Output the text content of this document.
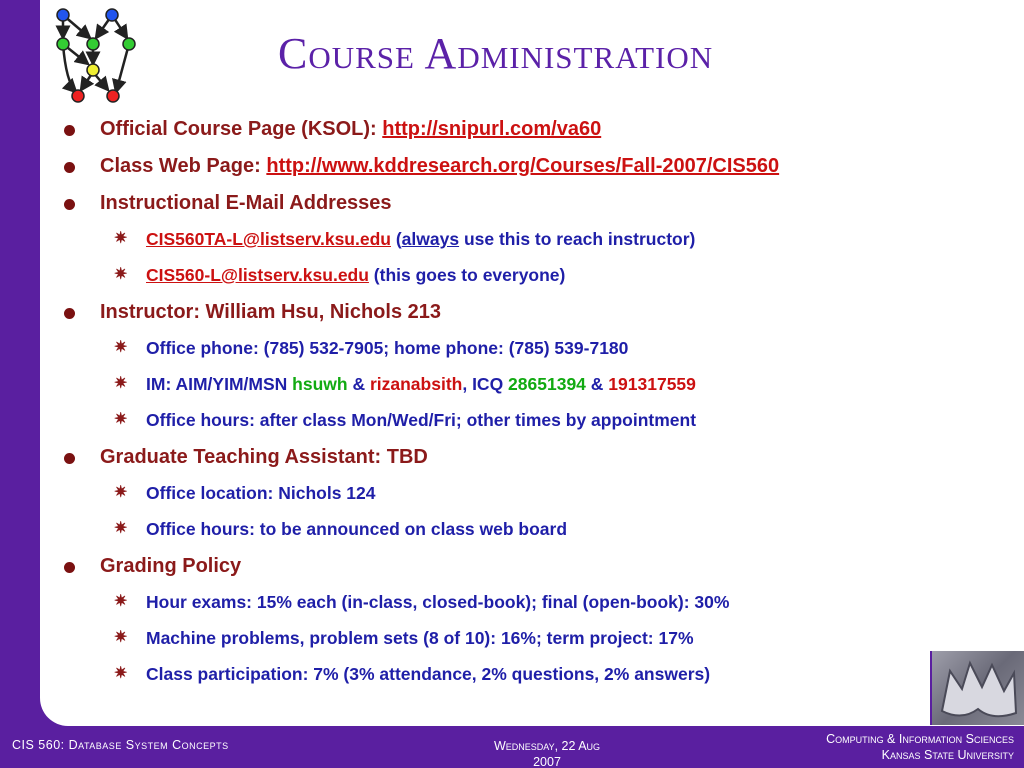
Course Administration
Official Course Page (KSOL): http://snipurl.com/va60
Class Web Page: http://www.kddresearch.org/Courses/Fall-2007/CIS560
Instructional E-Mail Addresses
✷ CIS560TA-L@listserv.ksu.edu (always use this to reach instructor)
✷ CIS560-L@listserv.ksu.edu (this goes to everyone)
Instructor: William Hsu, Nichols 213
✷ Office phone: (785) 532-7905; home phone: (785) 539-7180
✷ IM: AIM/YIM/MSN hsuwh & rizanabsith, ICQ 28651394 & 191317559
✷ Office hours: after class Mon/Wed/Fri; other times by appointment
Graduate Teaching Assistant: TBD
✷ Office location: Nichols 124
✷ Office hours: to be announced on class web board
Grading Policy
✷ Hour exams: 15% each (in-class, closed-book); final (open-book): 30%
✷ Machine problems, problem sets (8 of 10): 16%; term project: 17%
✷ Class participation: 7% (3% attendance, 2% questions, 2% answers)
CIS 560: Database System Concepts	Wednesday, 22 Aug
2007
Computing & Information Sciences
Kansas State University
